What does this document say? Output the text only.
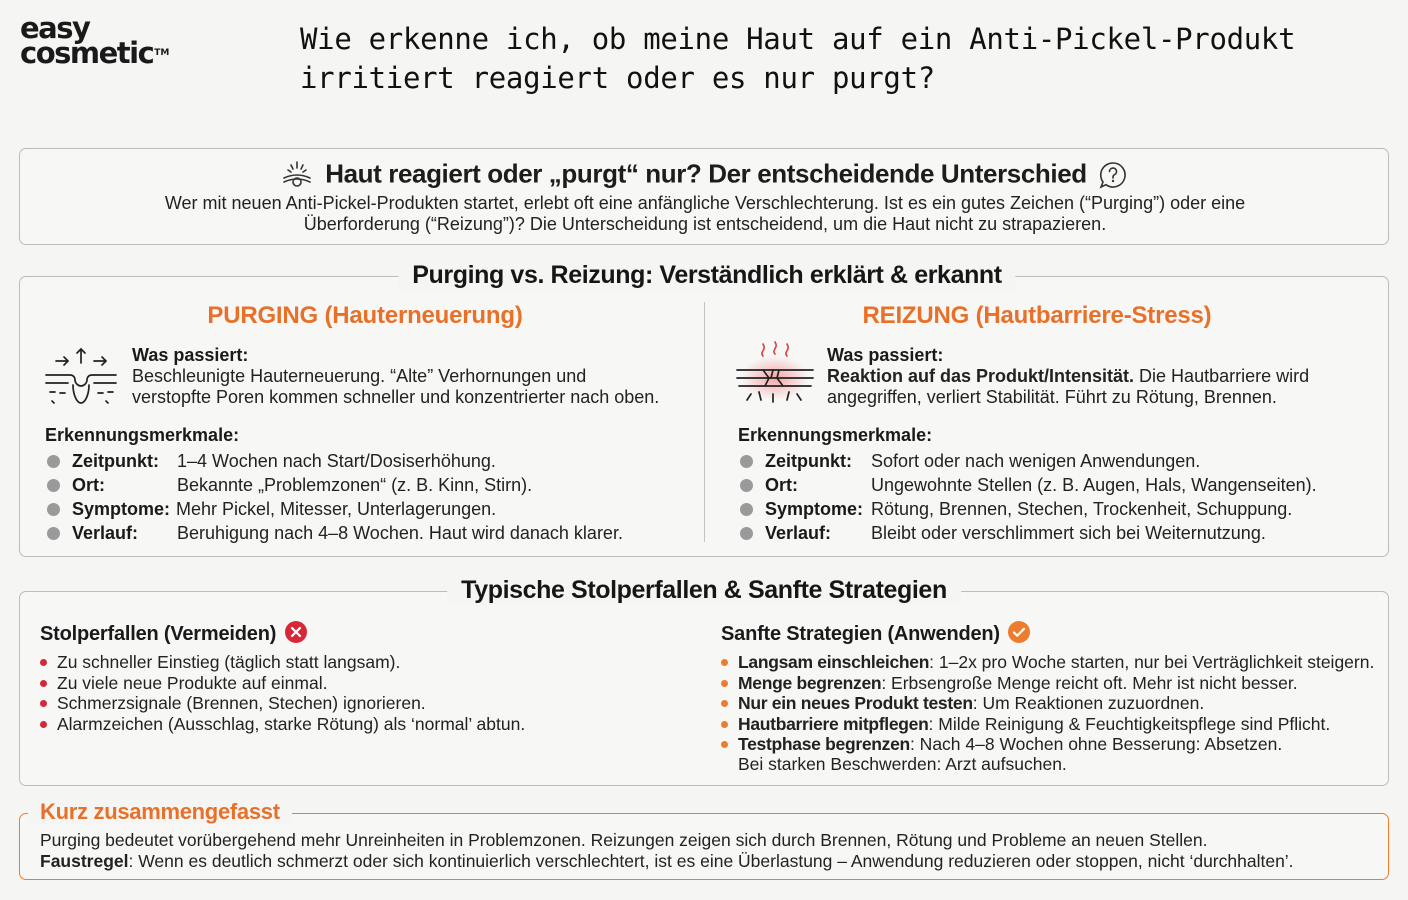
easy
cosmetic™	Wie erkenne ich, ob meine Haut auf ein Anti-Pickel-Produkt
irritiert reagiert oder es nur purgt?
Haut reagiert oder „purgt“ nur? Der entscheidende Unterschied
Wer mit neuen Anti-Pickel-Produkten startet, erlebt oft eine anfängliche Verschlechterung. Ist es ein gutes Zeichen (“Purging”) oder eine
Überforderung (“Reizung”)? Die Unterscheidung ist entscheidend, um die Haut nicht zu strapazieren.
Purging vs. Reizung: Verständlich erklärt & erkannt
PURGING (Hauterneuerung)
Was passiert:
Beschleunigte Hauterneuerung. “Alte” Verhornungen und
verstopfte Poren kommen schneller und konzentrierter nach oben.
Erkennungsmerkmale:
Zeitpunkt: 1–4 Wochen nach Start/Dosiserhöhung.
Ort:	Bekannte „Problemzonen“ (z. B. Kinn, Stirn).
Symptome: Mehr Pickel, Mitesser, Unterlagerungen.
Verlauf: Beruhigung nach 4–8 Wochen. Haut wird danach klarer.
REIZUNG (Hautbarriere-Stress)
Was passiert:
Reaktion auf das Produkt/Intensität. Die Hautbarriere wird
angegriffen, verliert Stabilität. Führt zu Rötung, Brennen.
Erkennungsmerkmale:
Zeitpunkt: Sofort oder nach wenigen Anwendungen.
Ort:	Ungewohnte Stellen (z. B. Augen, Hals, Wangenseiten).
Symptome: Rötung, Brennen, Stechen, Trockenheit, Schuppung.
Verlauf: Bleibt oder verschlimmert sich bei Weiternutzung.
Typische Stolperfallen & Sanfte Strategien
Stolperfallen (Vermeiden)
Zu schneller Einstieg (täglich statt langsam).
Zu viele neue Produkte auf einmal.
Schmerzsignale (Brennen, Stechen) ignorieren.
Alarmzeichen (Ausschlag, starke Rötung) als ‘normal’ abtun.
Sanfte Strategien (Anwenden)
Langsam einschleichen: 1–2x pro Woche starten, nur bei Verträglichkeit steigern.
Menge begrenzen: Erbsengroße Menge reicht oft. Mehr ist nicht besser.
Nur ein neues Produkt testen: Um Reaktionen zuzuordnen.
Hautbarriere mitpflegen: Milde Reinigung & Feuchtigkeitspflege sind Pflicht.
Testphase begrenzen: Nach 4–8 Wochen ohne Besserung: Absetzen.
Bei starken Beschwerden: Arzt aufsuchen.
Kurz zusammengefasst
Purging bedeutet vorübergehend mehr Unreinheiten in Problemzonen. Reizungen zeigen sich durch Brennen, Rötung und Probleme an neuen Stellen.
Faustregel: Wenn es deutlich schmerzt oder sich kontinuierlich verschlechtert, ist es eine Überlastung – Anwendung reduzieren oder stoppen, nicht ‘durchhalten’.
